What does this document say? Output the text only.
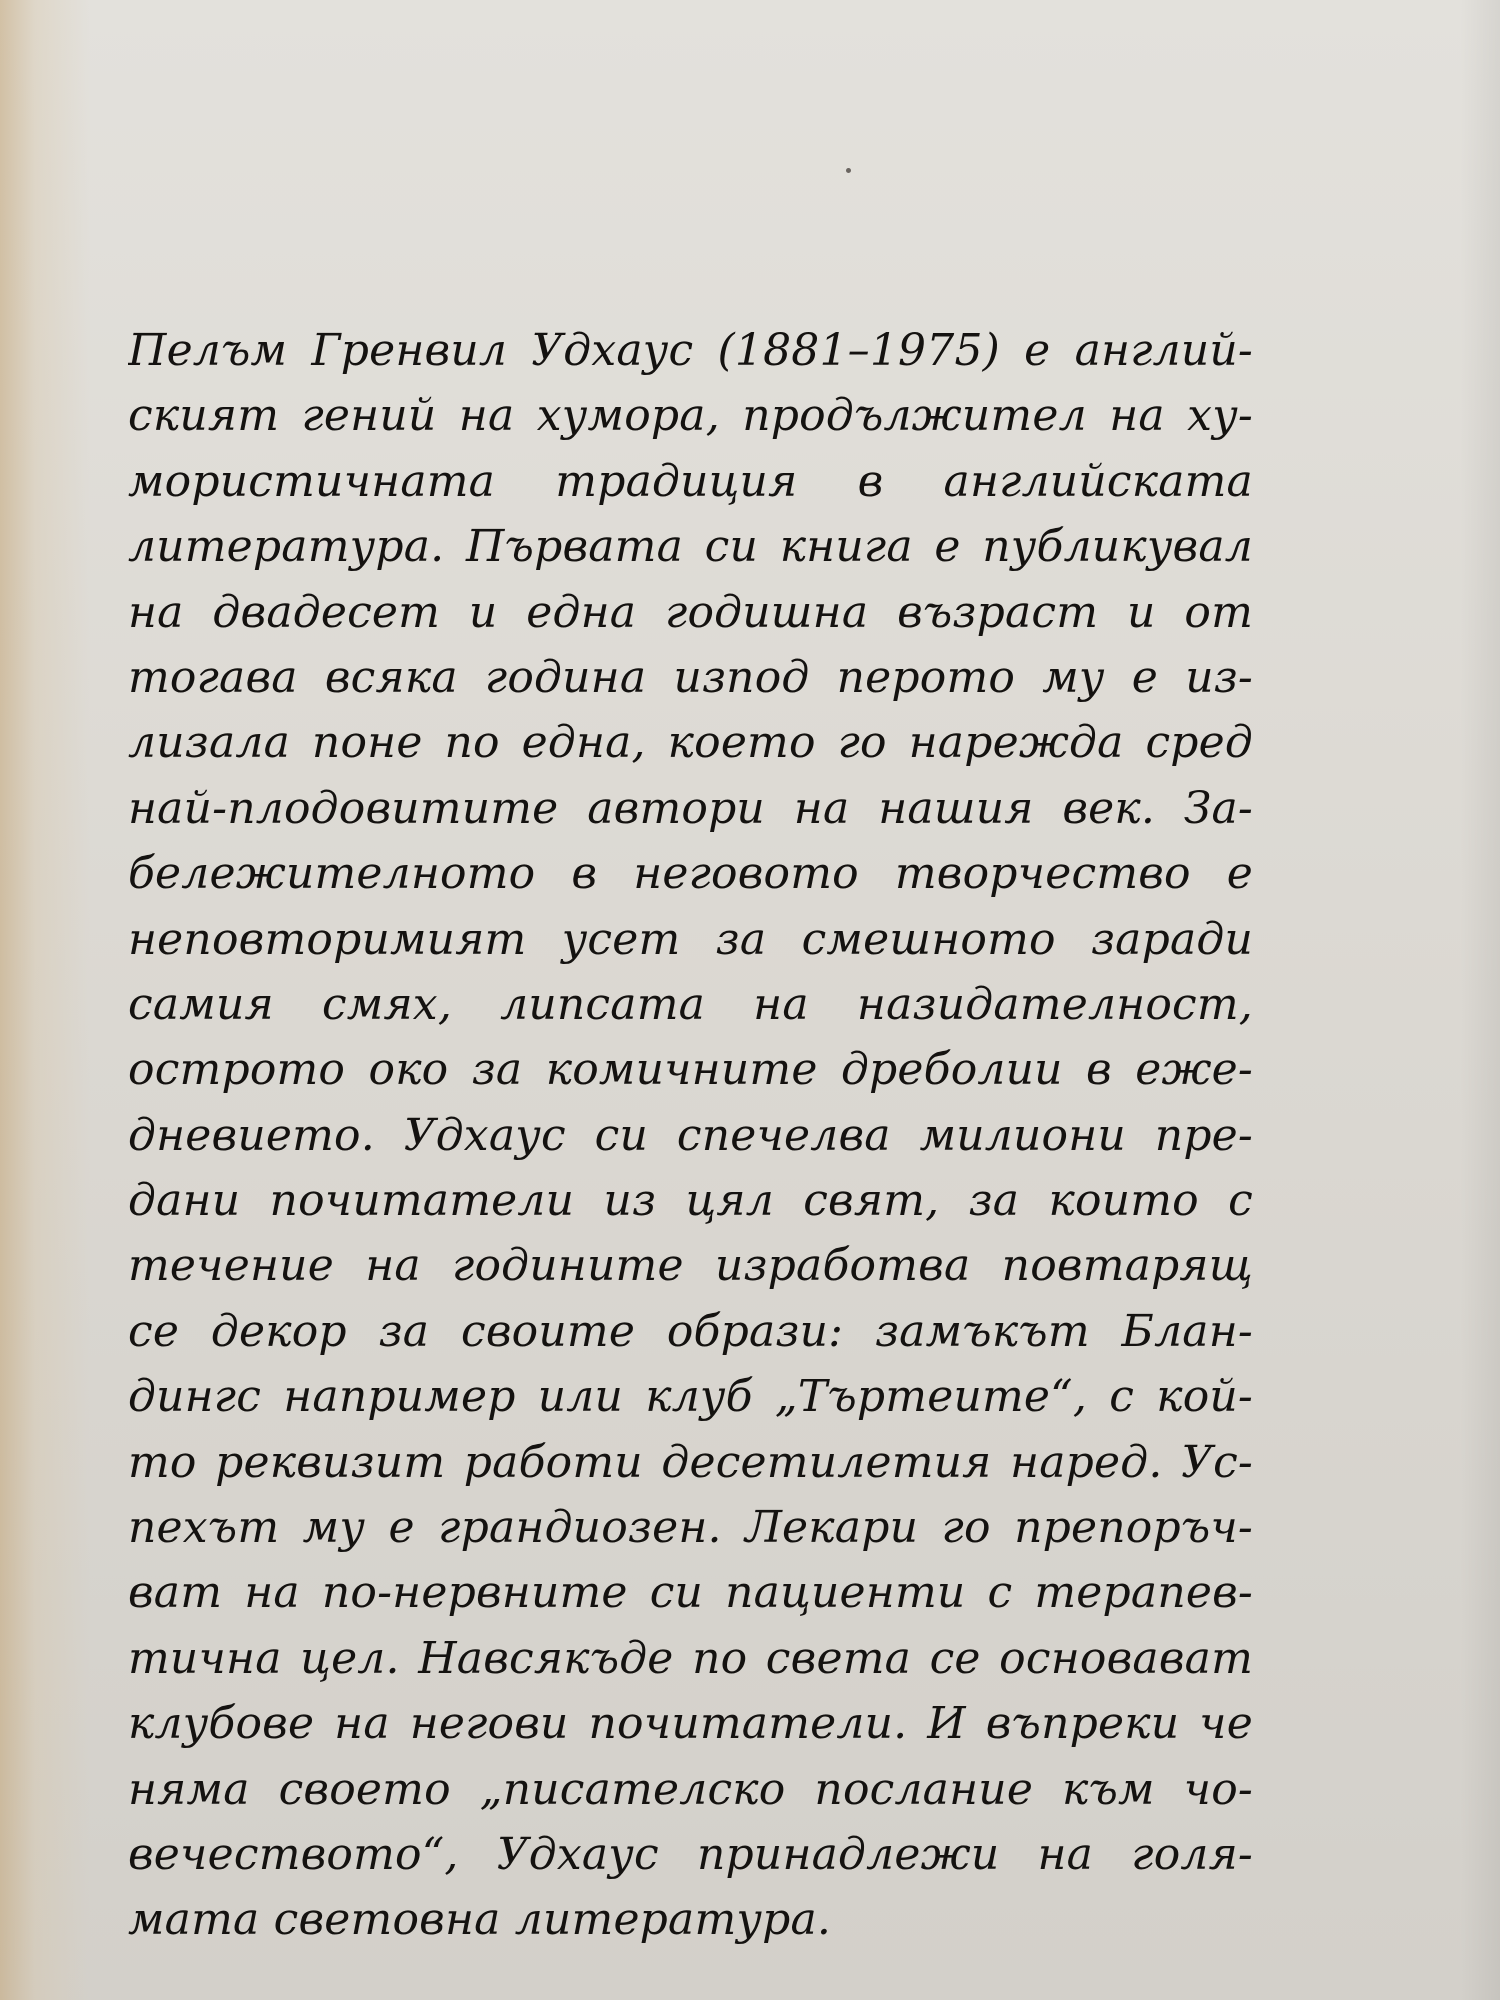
Пелъм Гренвил Удхаус (1881–1975) е англий-
ският гений на хумора, продължител на ху-
мористичната традиция в английската
литература. Първата си книга е публикувал
на двадесет и една годишна възраст и от
тогава всяка година изпод перото му е из-
лизала поне по една, което го нарежда сред
най-плодовитите автори на нашия век. За-
бележителното в неговото творчество е
неповторимият усет за смешното заради
самия смях, липсата на назидателност,
острото око за комичните дреболии в еже-
дневието. Удхаус си спечелва милиони пре-
дани почитатели из цял свят, за които с
течение на годините изработва повтарящ
се декор за своите образи: замъкът Блан-
дингс например или клуб „Търтеите“, с кой-
то реквизит работи десетилетия наред. Ус-
пехът му е грандиозен. Лекари го препоръч-
ват на по-нервните си пациенти с терапев-
тична цел. Навсякъде по света се основават
клубове на негови почитатели. И въпреки че
няма своето „писателско послание към чо-
вечеството“, Удхаус принадлежи на голя-
мата световна литература.
